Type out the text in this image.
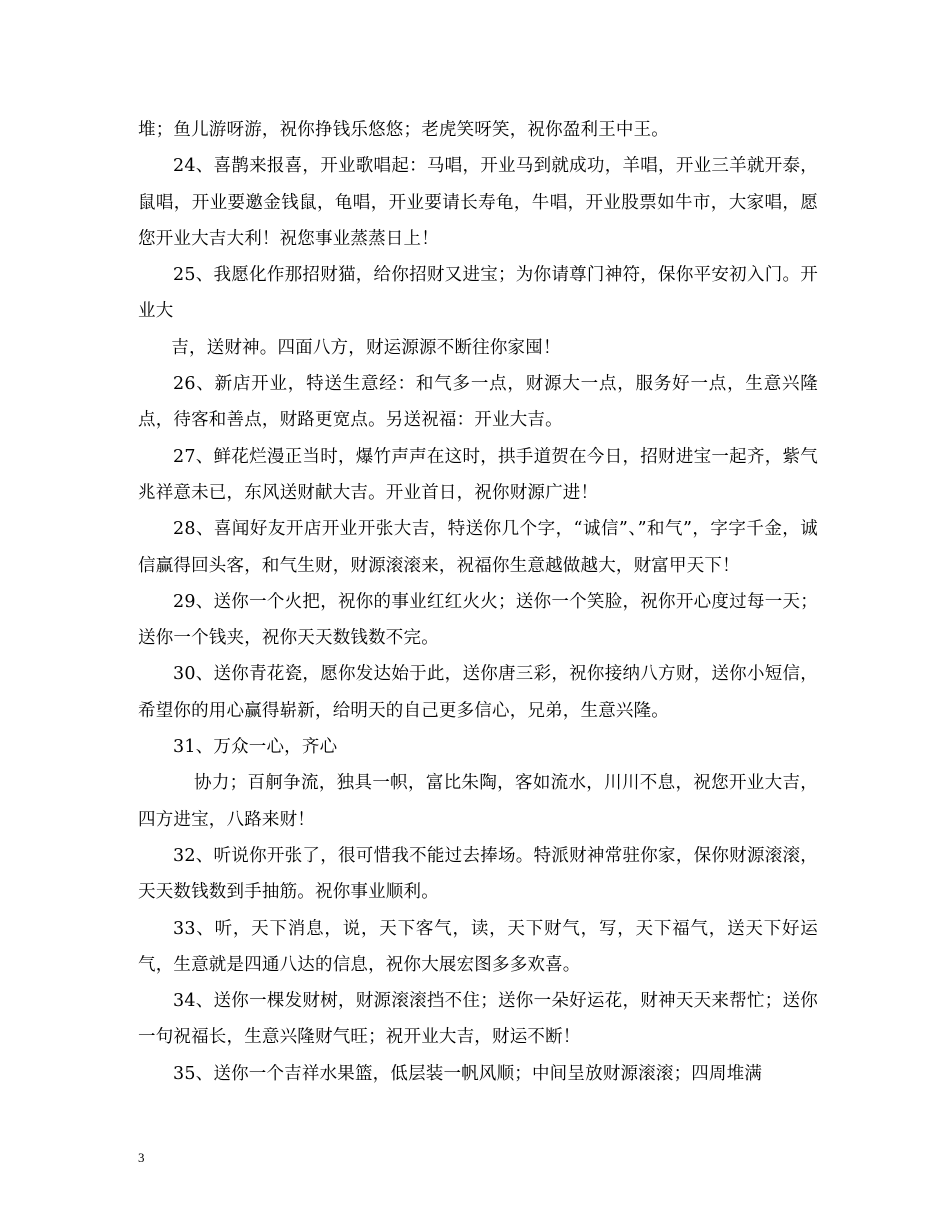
堆；鱼儿游呀游，祝你挣钱乐悠悠；老虎笑呀笑，祝你盈利王中王。

24、喜鹊来报喜，开业歌唱起：马唱，开业马到就成功，羊唱，开业三羊就开泰，鼠唱，开业要邀金钱鼠，龟唱，开业要请长寿龟，牛唱，开业股票如牛市，大家唱，愿您开业大吉大利！祝您事业蒸蒸日上！

25、我愿化作那招财猫，给你招财又进宝；为你请尊门神符，保你平安初入门。开业大

吉，送财神。四面八方，财运源源不断往你家囤！

26、新店开业，特送生意经：和气多一点，财源大一点，服务好一点，生意兴隆点，待客和善点，财路更宽点。另送祝福：开业大吉。

27、鲜花烂漫正当时，爆竹声声在这时，拱手道贺在今日，招财进宝一起齐，紫气兆祥意未已，东风送财献大吉。开业首日，祝你财源广进！

28、喜闻好友开店开业开张大吉，特送你几个字，“诚信”、”和气”，字字千金，诚信赢得回头客，和气生财，财源滚滚来，祝福你生意越做越大，财富甲天下！

29、送你一个火把，祝你的事业红红火火；送你一个笑脸，祝你开心度过每一天；送你一个钱夹，祝你天天数钱数不完。

30、送你青花瓷，愿你发达始于此，送你唐三彩，祝你接纳八方财，送你小短信，希望你的用心赢得崭新，给明天的自己更多信心，兄弟，生意兴隆。

31、万众一心，齐心

协力；百舸争流，独具一帜，富比朱陶，客如流水，川川不息，祝您开业大吉，四方进宝，八路来财！

32、听说你开张了，很可惜我不能过去捧场。特派财神常驻你家，保你财源滚滚，天天数钱数到手抽筋。祝你事业顺利。

33、听，天下消息，说，天下客气，读，天下财气，写，天下福气，送天下好运气，生意就是四通八达的信息，祝你大展宏图多多欢喜。

34、送你一棵发财树，财源滚滚挡不住；送你一朵好运花，财神天天来帮忙；送你一句祝福长，生意兴隆财气旺；祝开业大吉，财运不断！

35、送你一个吉祥水果篮，低层装一帆风顺；中间呈放财源滚滚；四周堆满

3
